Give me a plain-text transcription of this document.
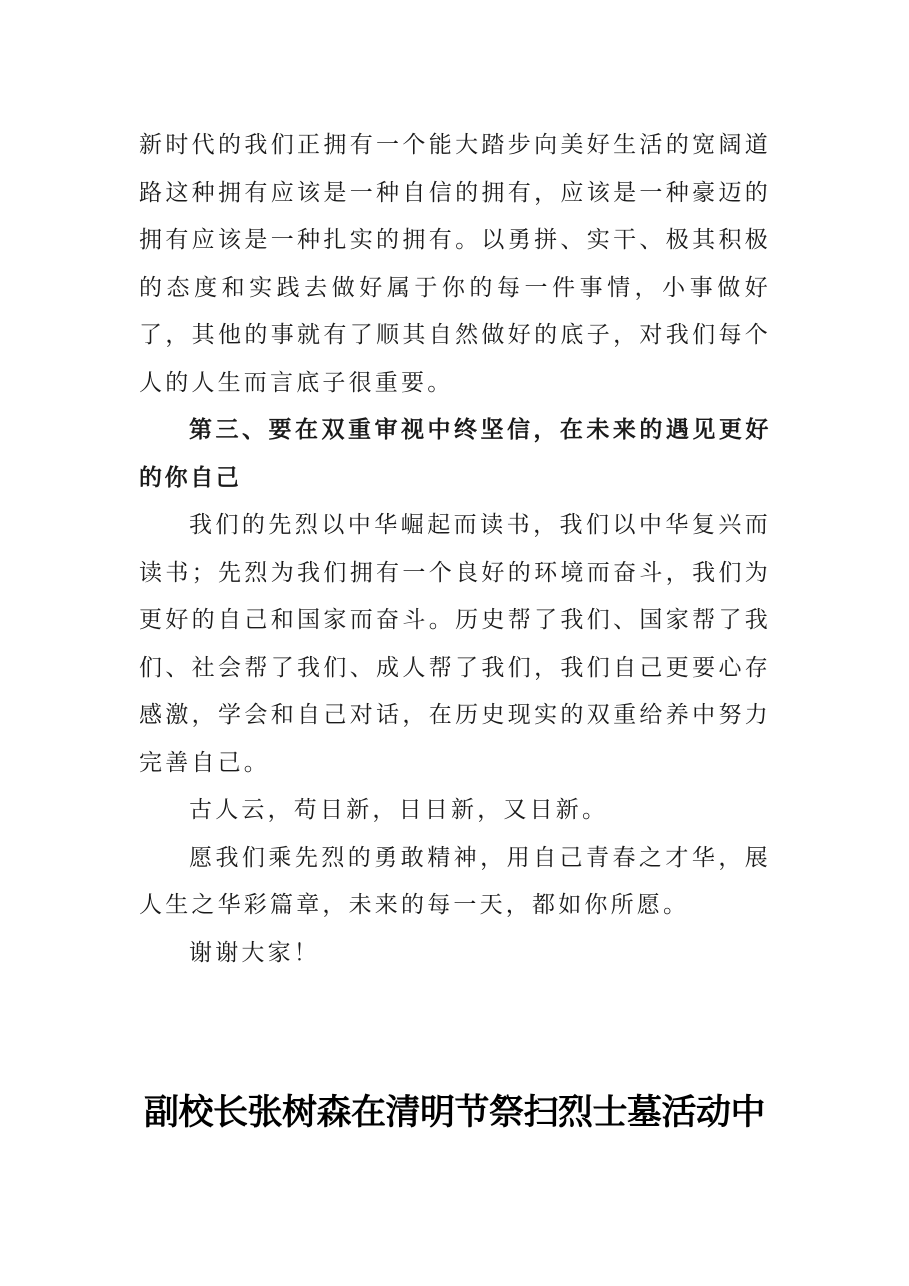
新时代的我们正拥有一个能大踏步向美好生活的宽阔道路这种拥有应该是一种自信的拥有，应该是一种豪迈的拥有应该是一种扎实的拥有。以勇拼、实干、极其积极的态度和实践去做好属于你的每一件事情，小事做好了，其他的事就有了顺其自然做好的底子，对我们每个人的人生而言底子很重要。

第三、要在双重审视中终坚信，在未来的遇见更好的你自己

我们的先烈以中华崛起而读书，我们以中华复兴而读书；先烈为我们拥有一个良好的环境而奋斗，我们为更好的自己和国家而奋斗。历史帮了我们、国家帮了我们、社会帮了我们、成人帮了我们，我们自己更要心存感激，学会和自己对话，在历史现实的双重给养中努力完善自己。

古人云，苟日新，日日新，又日新。

愿我们乘先烈的勇敢精神，用自己青春之才华，展人生之华彩篇章，未来的每一天，都如你所愿。

谢谢大家！

副校长张树森在清明节祭扫烈士墓活动中
